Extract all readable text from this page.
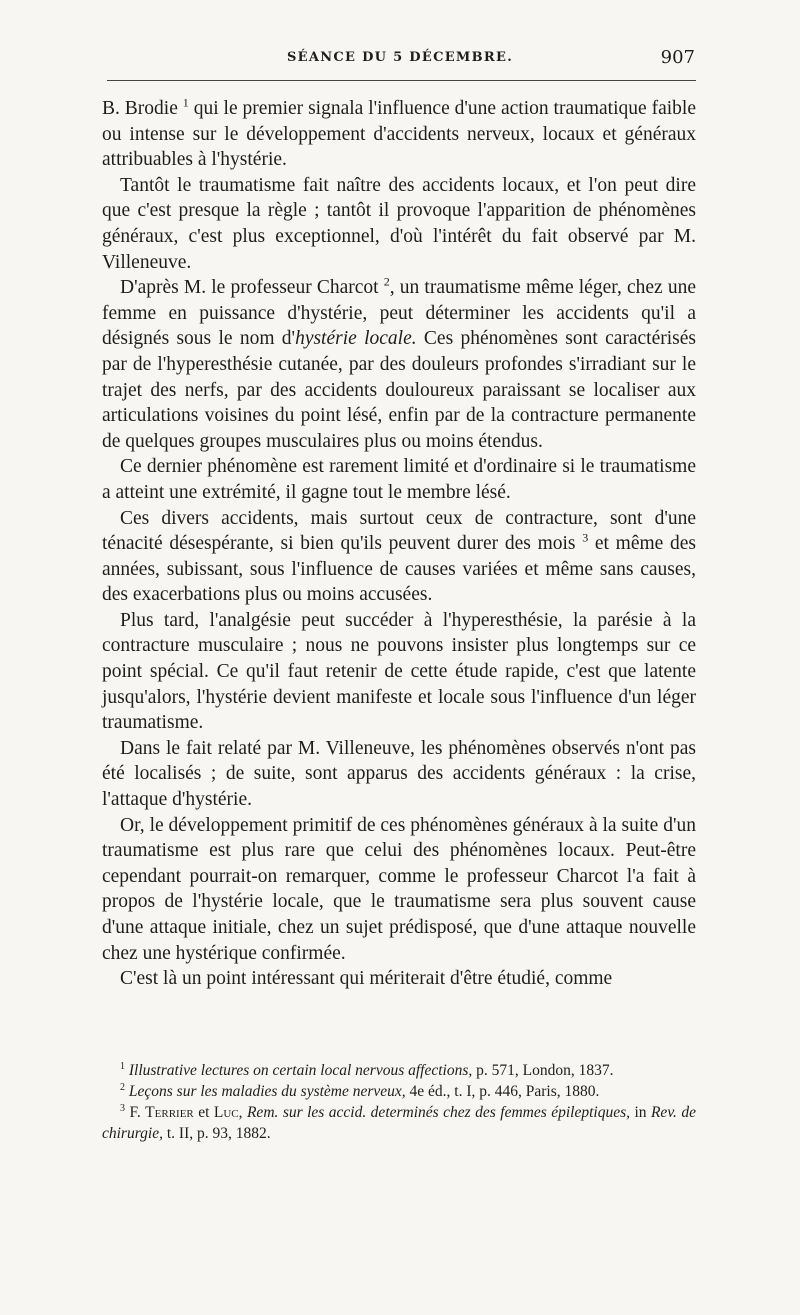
SÉANCE DU 5 DÉCEMBRE.	907

B. Brodie $^1$ qui le premier signala l'influence d'une action traumatique faible ou intense sur le développement d'accidents nerveux, locaux et généraux attribuables à l'hystérie.

Tantôt le traumatisme fait naître des accidents locaux, et l'on peut dire que c'est presque la règle ; tantôt il provoque l'apparition de phénomènes généraux, c'est plus exceptionnel, d'où l'intérêt du fait observé par M. Villeneuve.

D'après M. le professeur Charcot $^2$, un traumatisme même léger, chez une femme en puissance d'hystérie, peut déterminer les accidents qu'il a désignés sous le nom d'hystérie locale. Ces phénomènes sont caractérisés par de l'hyperesthésie cutanée, par des douleurs profondes s'irradiant sur le trajet des nerfs, par des accidents douloureux paraissant se localiser aux articulations voisines du point lésé, enfin par de la contracture permanente de quelques groupes musculaires plus ou moins étendus.

Ce dernier phénomène est rarement limité et d'ordinaire si le traumatisme a atteint une extrémité, il gagne tout le membre lésé.

Ces divers accidents, mais surtout ceux de contracture, sont d'une ténacité désespérante, si bien qu'ils peuvent durer des mois $^3$ et même des années, subissant, sous l'influence de causes variées et même sans causes, des exacerbations plus ou moins accusées.

Plus tard, l'analgésie peut succéder à l'hyperesthésie, la parésie à la contracture musculaire ; nous ne pouvons insister plus longtemps sur ce point spécial. Ce qu'il faut retenir de cette étude rapide, c'est que latente jusqu'alors, l'hystérie devient manifeste et locale sous l'influence d'un léger traumatisme.

Dans le fait relaté par M. Villeneuve, les phénomènes observés n'ont pas été localisés ; de suite, sont apparus des accidents généraux : la crise, l'attaque d'hystérie.

Or, le développement primitif de ces phénomènes généraux à la suite d'un traumatisme est plus rare que celui des phénomènes locaux. Peut-être cependant pourrait-on remarquer, comme le professeur Charcot l'a fait à propos de l'hystérie locale, que le traumatisme sera plus souvent cause d'une attaque initiale, chez un sujet prédisposé, que d'une attaque nouvelle chez une hystérique confirmée.

C'est là un point intéressant qui mériterait d'être étudié, comme

$^1$ Illustrative lectures on certain local nervous affections, p. 571, London, 1837.

$^2$ Leçons sur les maladies du système nerveux, 4e éd., t. I, p. 446, Paris, 1880.

$^3$ F. Terrier et Luc, Rem. sur les accid. determinés chez des femmes épileptiques, in Rev. de chirurgie, t. II, p. 93, 1882.
